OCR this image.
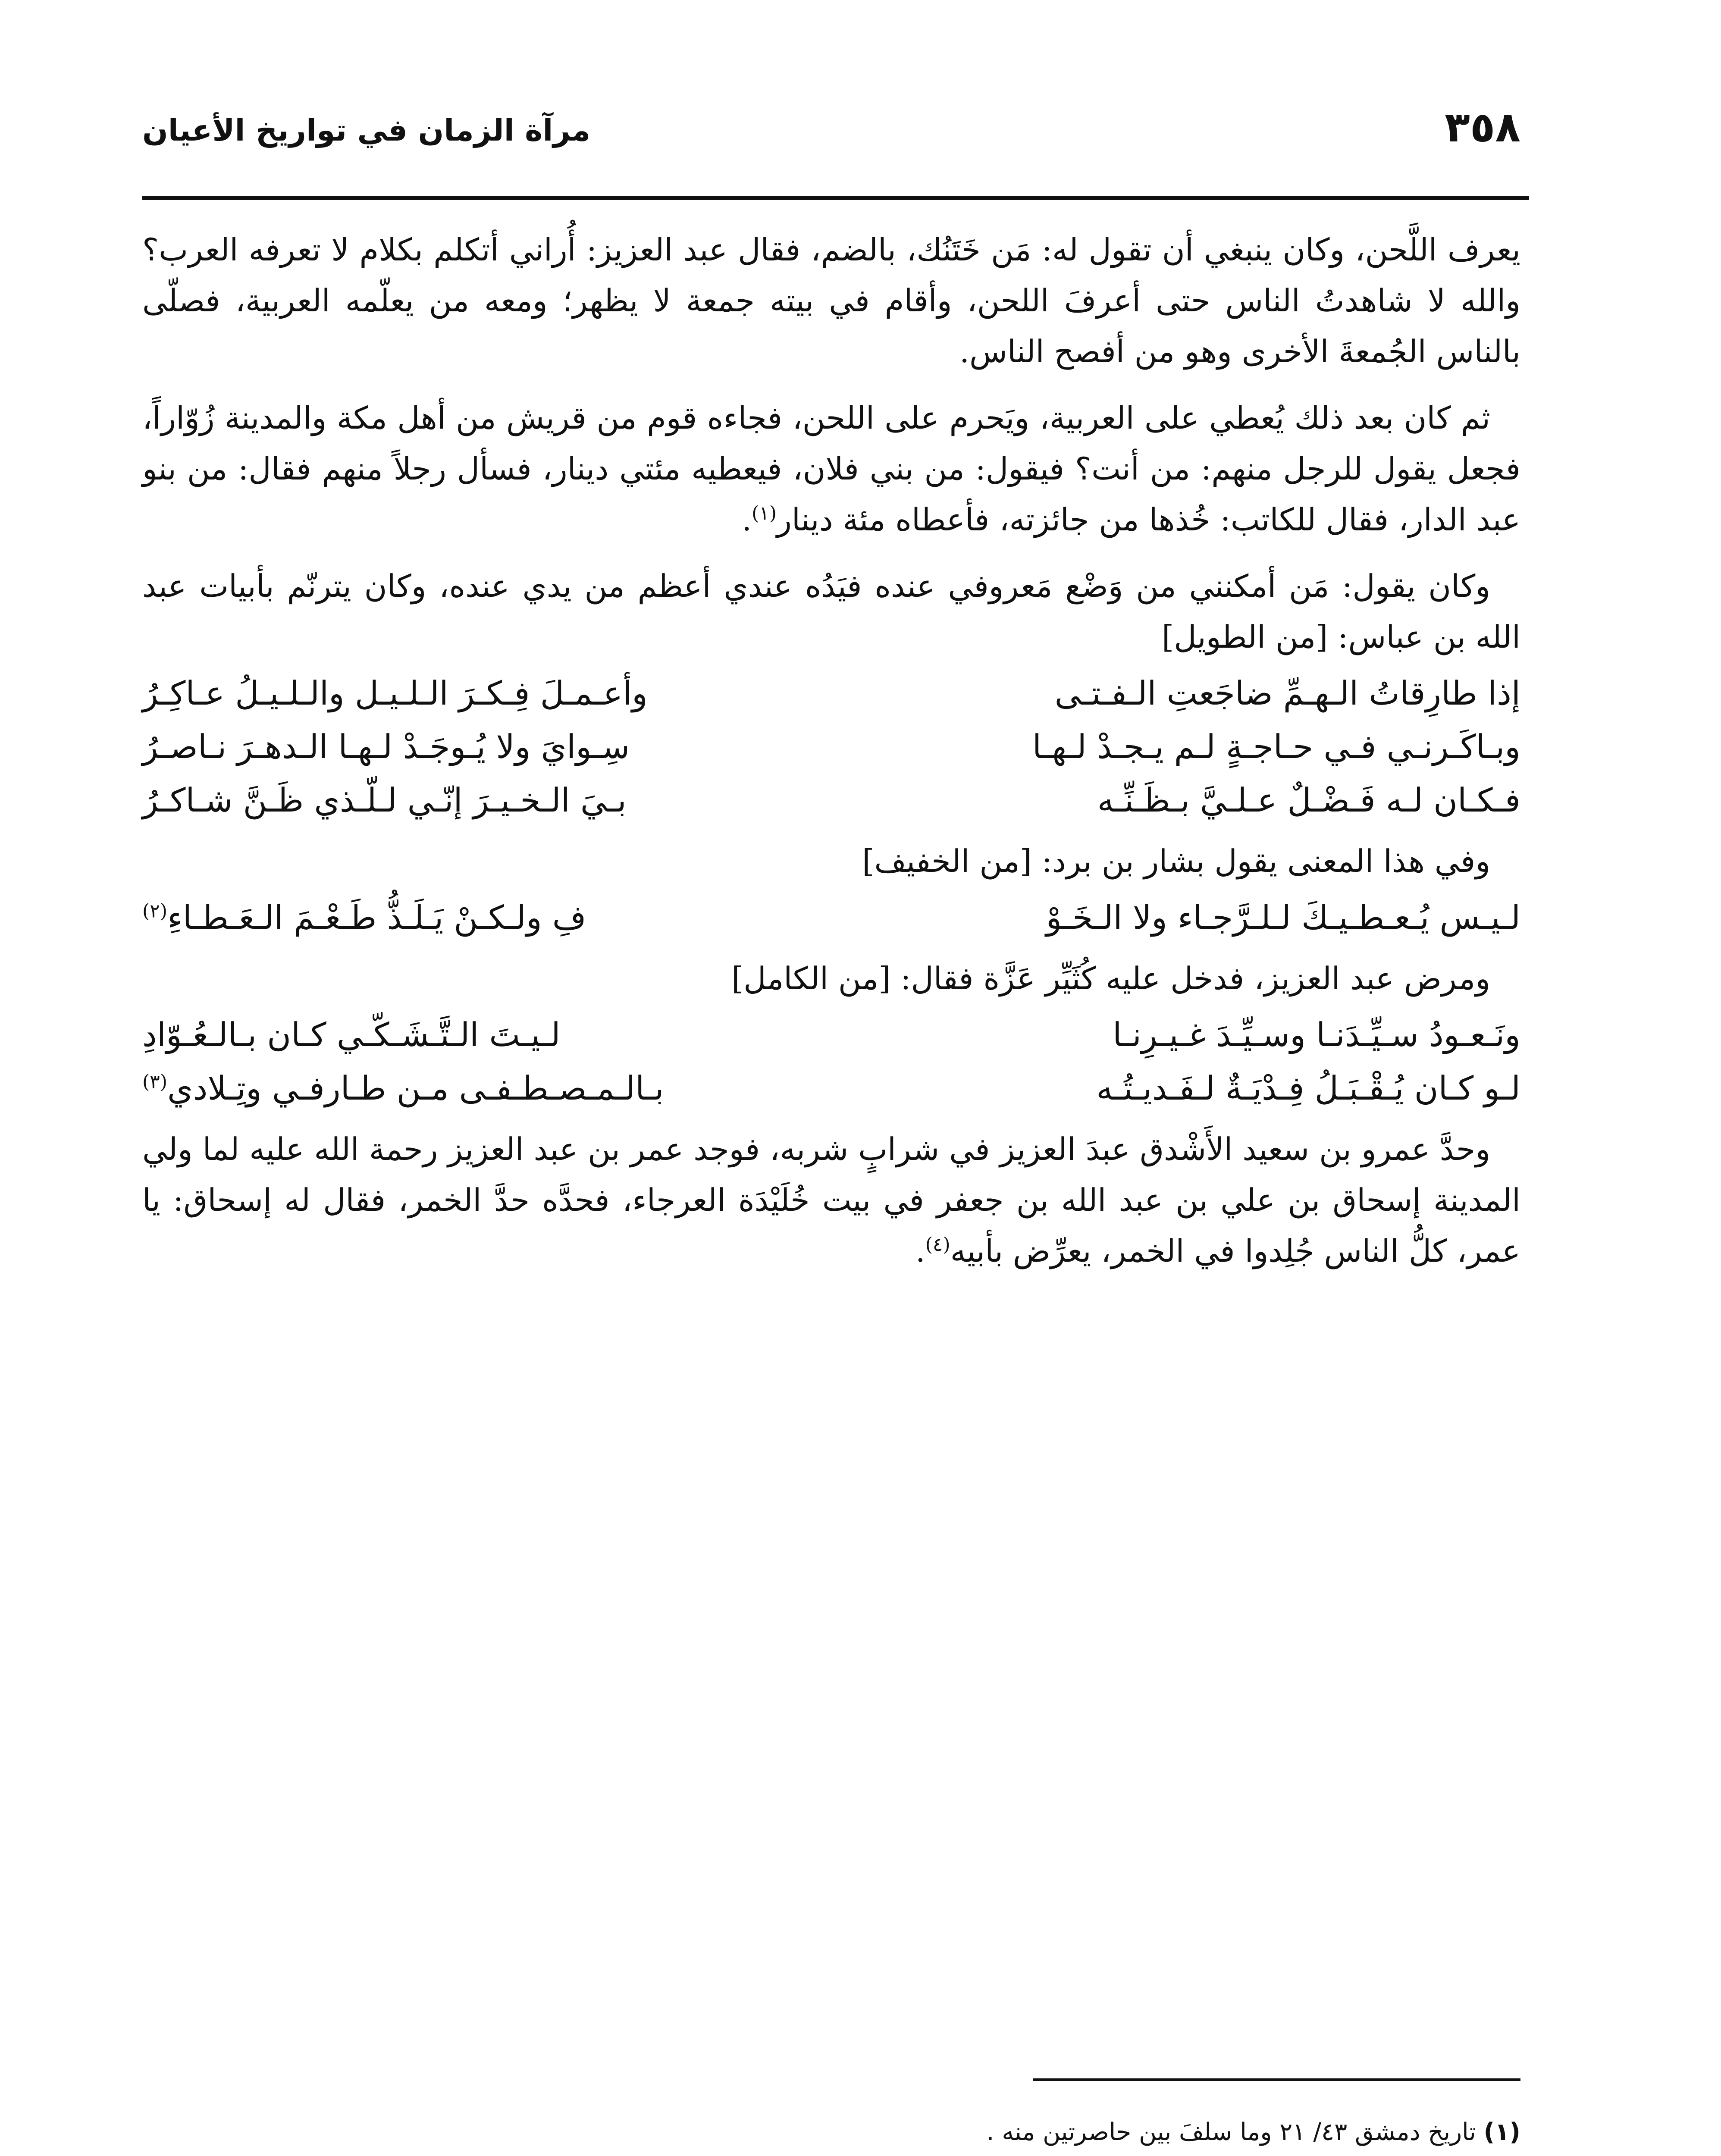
٣٥٨
مرآة الزمان في تواريخ الأعيان

يعرف اللَّحن، وكان ينبغي أن تقول له: مَن خَتَنُك، بالضم، فقال عبد العزيز: أُراني أتكلم بكلام لا تعرفه العرب؟ والله لا شاهدتُ الناس حتى أعرفَ اللحن، وأقام في بيته جمعة لا يظهر؛ ومعه من يعلّمه العربية، فصلّى بالناس الجُمعةَ الأخرى وهو من أفصح الناس.

ثم كان بعد ذلك يُعطي على العربية، ويَحرم على اللحن، فجاءه قوم من قريش من أهل مكة والمدينة زُوّاراً، فجعل يقول للرجل منهم: من أنت؟ فيقول: من بني فلان، فيعطيه مئتي دينار، فسأل رجلاً منهم فقال: من بنو عبد الدار، فقال للكاتب: خُذها من جائزته، فأعطاه مئة دينار$^{(١)}$.

وكان يقول: مَن أمكنني من وَضْع مَعروفي عنده فيَدُه عندي أعظم من يدي عنده، وكان يترنّم بأبيات عبد الله بن عباس: [من الطويل]

إذا طارِقاتُ الـهـمِّ ضاجَعتِ الـفـتـى
وأعـمـلَ فِـكـرَ الـلـيـل والـلـيـلُ عـاكِـرُ
وبـاكَـرنـي فـي حـاجـةٍ لـم يـجـدْ لـهـا
سِـوايَ ولا يُـوجَـدْ لـهـا الـدهـرَ نـاصـرُ
فـكـان لـه فَـضْـلٌ عـلـيَّ بـظَـنِّـه
بـيَ الـخـيـرَ إنّـي لـلّـذي ظَـنَّ شـاكـرُ

وفي هذا المعنى يقول بشار بن برد: [من الخفيف]

لـيـس يُـعـطـيـكَ لـلـرَّجـاء ولا الـخَـوْ
فِ ولـكـنْ يَـلَـذُّ طَـعْـمَ الـعَـطـاءِ$^{(٢)}$

ومرض عبد العزيز، فدخل عليه كُثَيِّر عَزَّة فقال: [من الكامل]

ونَـعـودُ سـيِّـدَنـا وسـيِّـدَ غـيـرِنـا
لـيـتَ الـتَّـشَـكّـي كـان بـالـعُـوّادِ
لـو كـان يُـقْـبَـلُ فِـدْيَـةٌ لـفَـديـتُـه
بـالـمـصـطـفـى مـن طـارفـي وتِـلادي$^{(٣)}$

وحدَّ عمرو بن سعيد الأَشْدق عبدَ العزيز في شرابٍ شربه، فوجد عمر بن عبد العزيز رحمة الله عليه لما ولي المدينة إسحاق بن علي بن عبد الله بن جعفر في بيت خُلَيْدَة العرجاء، فحدَّه حدَّ الخمر، فقال له إسحاق: يا عمر، كلُّ الناس جُلِدوا في الخمر، يعرِّض بأبيه$^{(٤)}$.

(١) تاريخ دمشق ٤٣/ ٢١ وما سلفَ بين حاصرتين منه .
